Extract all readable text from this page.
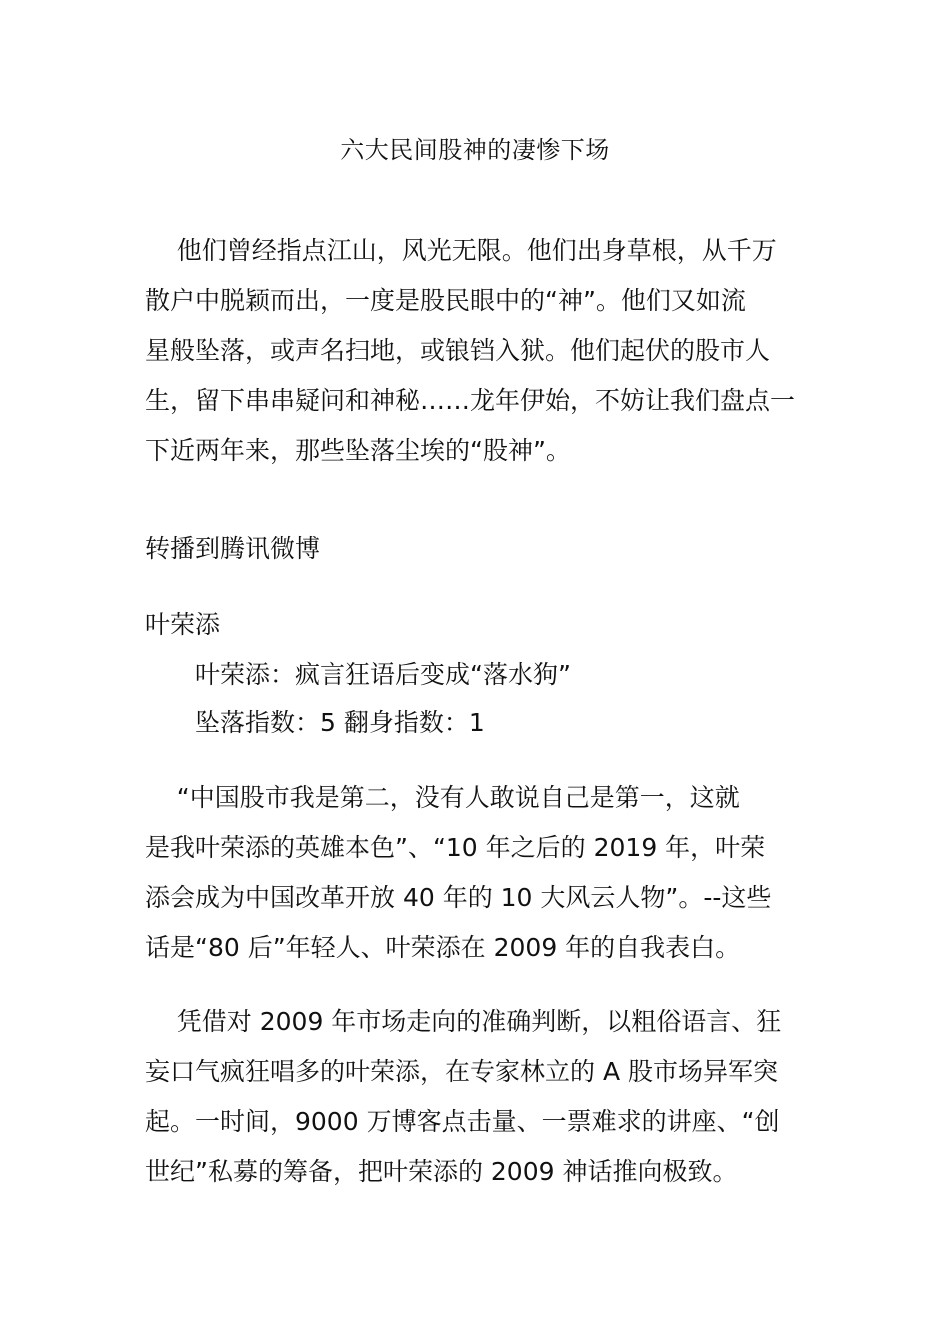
六大民间股神的凄惨下场
他们曾经指点江山，风光无限。他们出身草根，从千万
散户中脱颖而出，一度是股民眼中的“神”。他们又如流
星般坠落，或声名扫地，或锒铛入狱。他们起伏的股市人
生，留下串串疑问和神秘……龙年伊始，不妨让我们盘点一
下近两年来，那些坠落尘埃的“股神”。
转播到腾讯微博
叶荣添
叶荣添：疯言狂语后变成“落水狗”
坠落指数：5 翻身指数：1
“中国股市我是第二，没有人敢说自己是第一，这就
是我叶荣添的英雄本色”、“10 年之后的 2019 年，叶荣
添会成为中国改革开放 40 年的 10 大风云人物”。--这些
话是“80 后”年轻人、叶荣添在 2009 年的自我表白。
凭借对 2009 年市场走向的准确判断，以粗俗语言、狂
妄口气疯狂唱多的叶荣添，在专家林立的 A 股市场异军突
起。一时间，9000 万博客点击量、一票难求的讲座、“创
世纪”私募的筹备，把叶荣添的 2009 神话推向极致。
